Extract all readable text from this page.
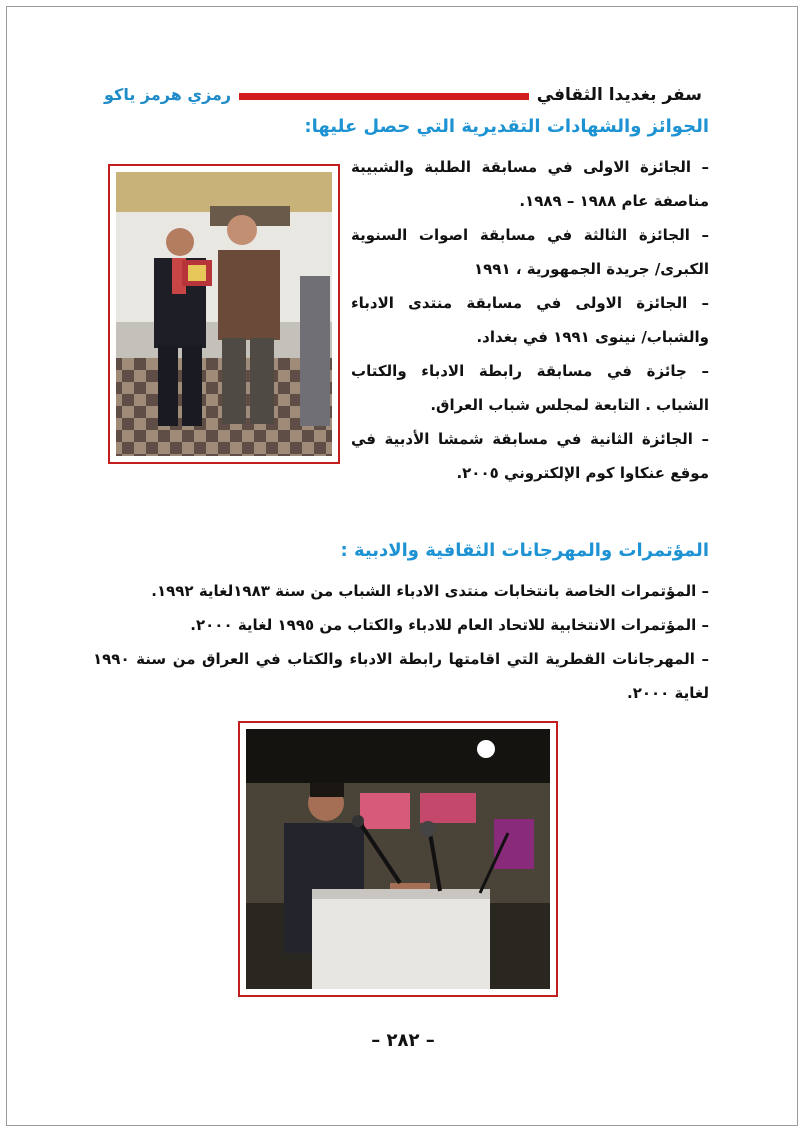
سفر بغديدا الثقافي
رمزي هرمز ياكو
الجوائز والشهادات التقديرية التي حصل عليها:

– الجائزة الاولى في مسابقة الطلبة والشبيبة مناصفة عام ١٩٨٨ – ١٩٨٩.

– الجائزة الثالثة في مسابقة اصوات السنوية الكبرى/ جريدة الجمهورية ، ١٩٩١

– الجائزة الاولى في مسابقة منتدى الادباء والشباب/ نينوى ١٩٩١ في بغداد.

– جائزة في مسابقة رابطة الادباء والكتاب الشباب . التابعة لمجلس شباب العراق.

– الجائزة الثانية في مسابقة شمشا الأدبية في موقع عنكاوا كوم الإلكتروني ٢٠٠٥.

المؤتمرات والمهرجانات الثقافية والادبية :

– المؤتمرات الخاصة بانتخابات منتدى الادباء الشباب من سنة ١٩٨٣لغاية ١٩٩٢.

– المؤتمرات الانتخابية للاتحاد العام للادباء والكتاب من ١٩٩٥ لغاية ٢٠٠٠.

– المهرجانات القطرية التي اقامتها رابطة الادباء والكتاب في العراق من سنة ١٩٩٠ لغاية ٢٠٠٠.

– ٢٨٢ –
